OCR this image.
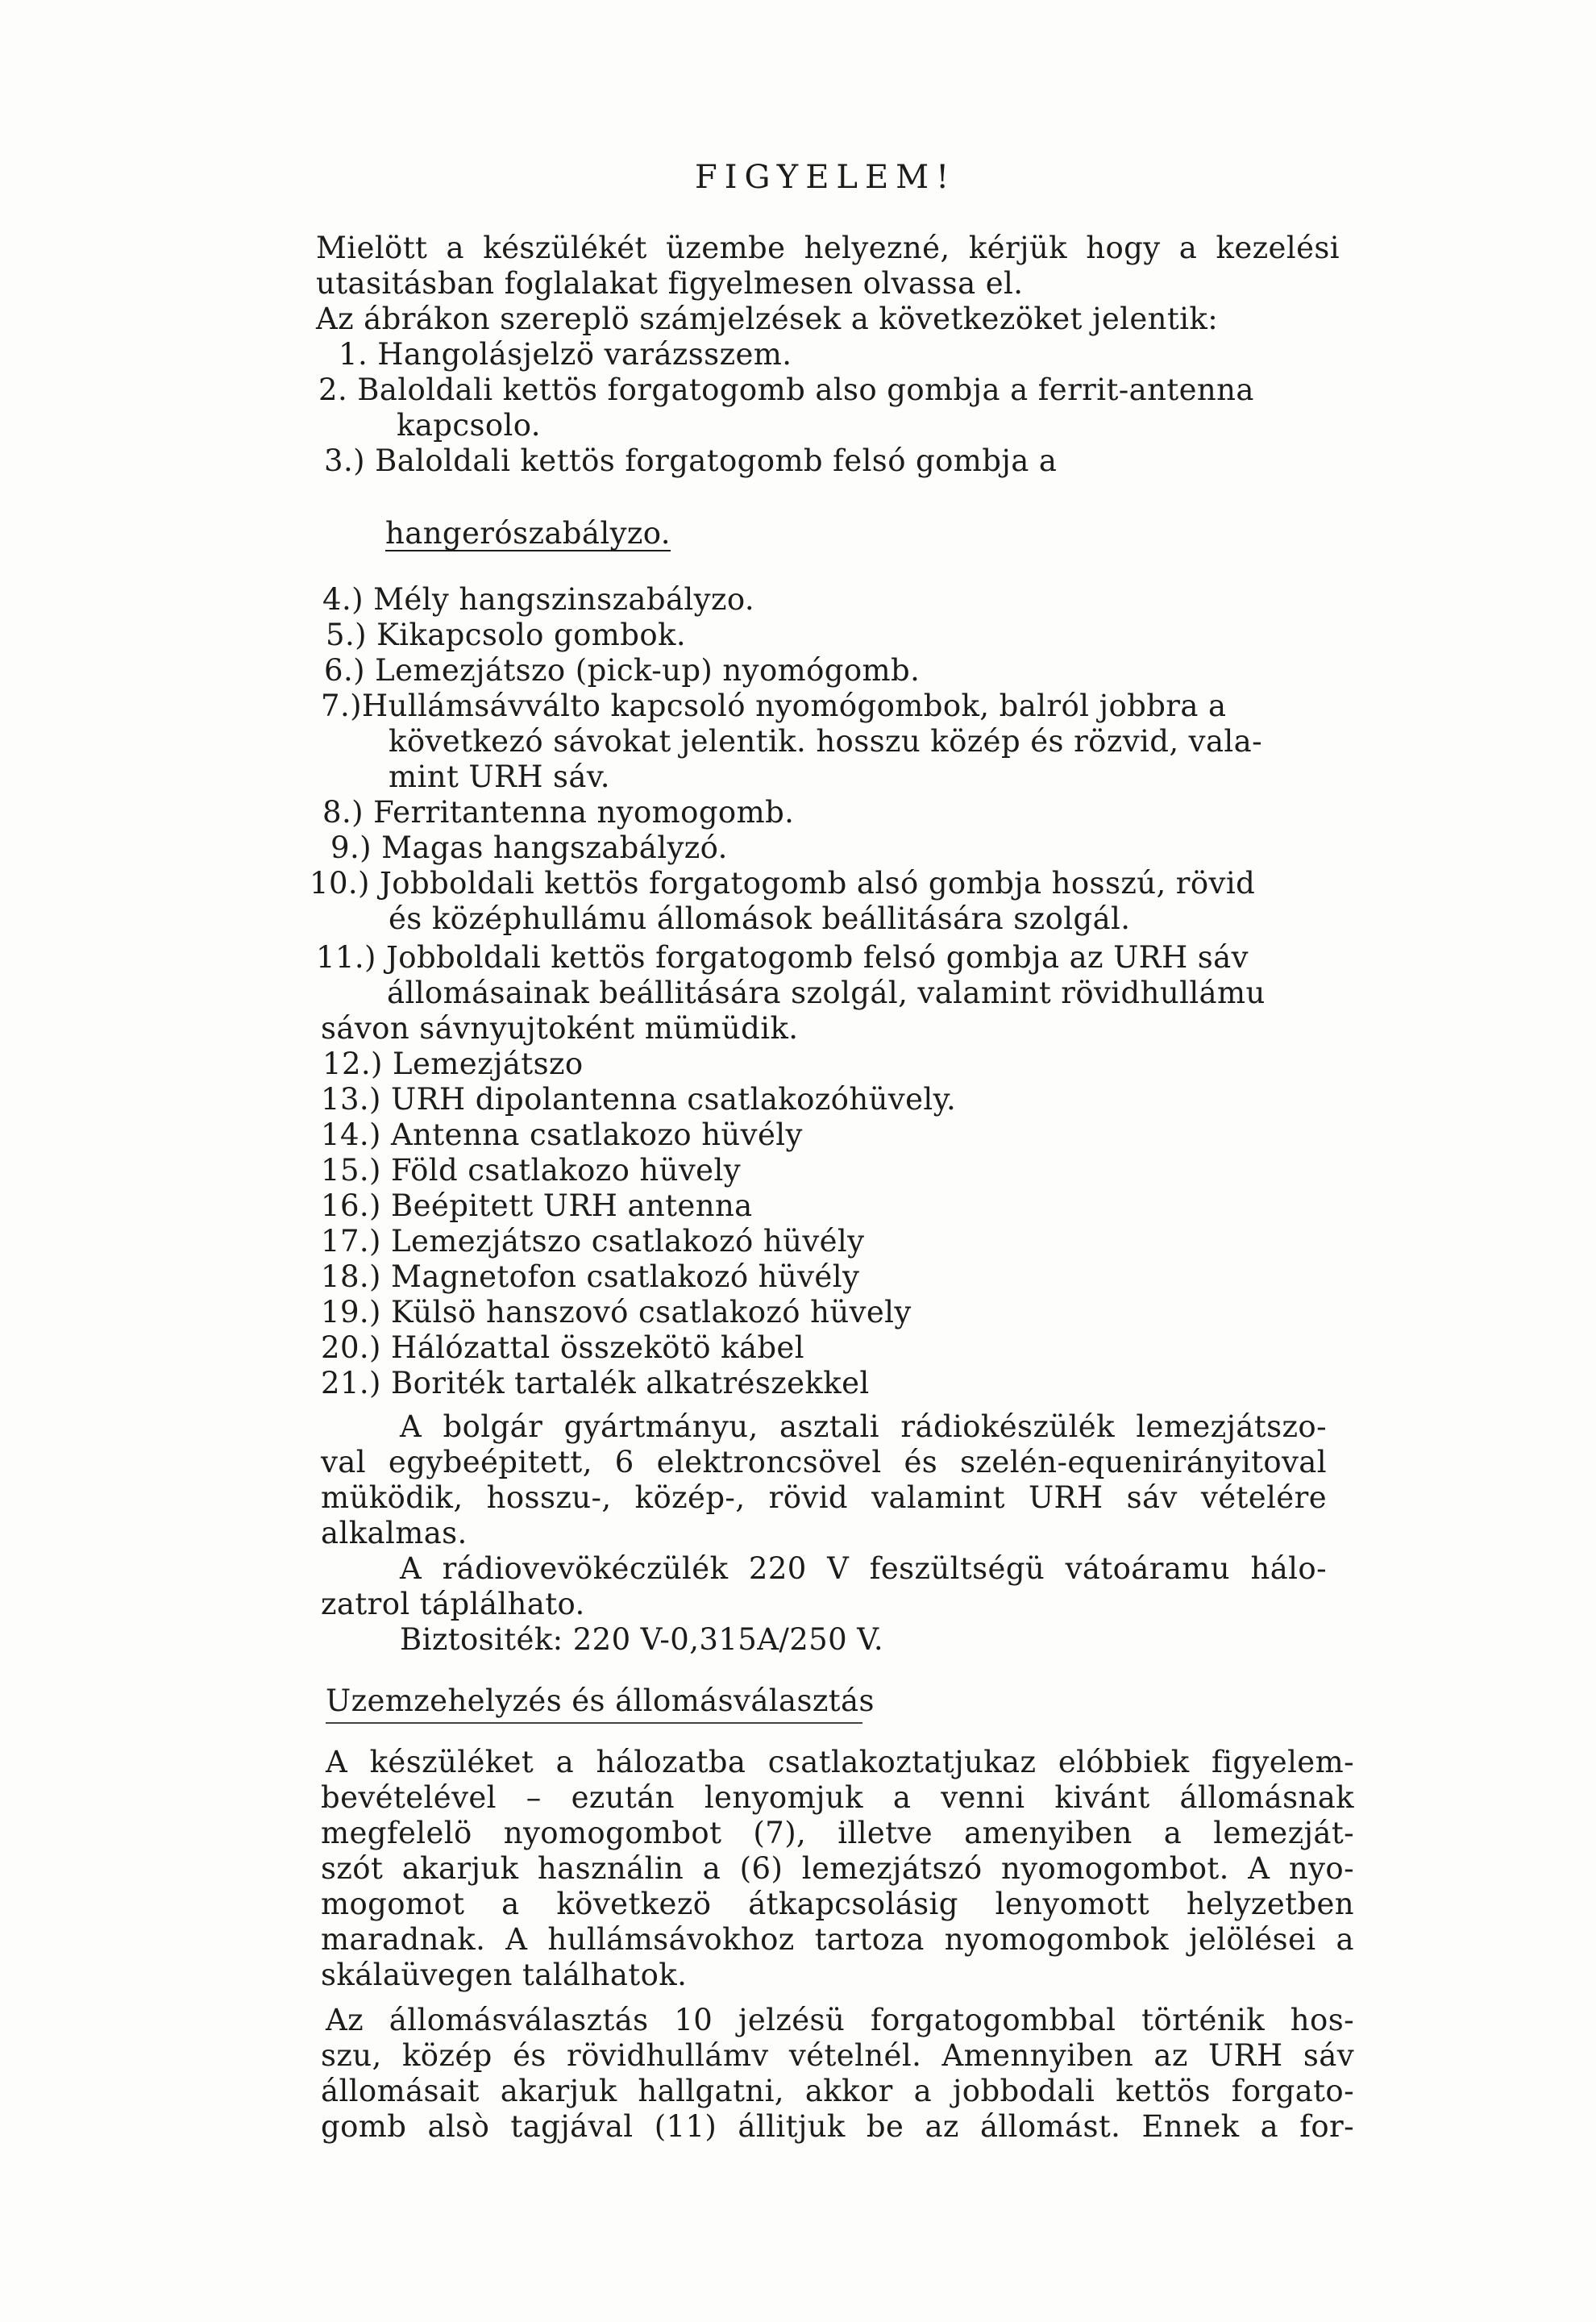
FIGYELEM!
Mielött a készülékét üzembe helyezné, kérjük hogy a kezelési
utasitásban foglalakat figyelmesen olvassa el.
Az ábrákon szereplö számjelzések a következöket jelentik:
1. Hangolásjelzö varázsszem.
2. Baloldali kettös forgatogomb also gombja a ferrit-antenna
kapcsolo.
3.) Baloldali kettös forgatogomb felsó gombja a
hangerószabályzo.
4.) Mély hangszinszabályzo.
5.) Kikapcsolo gombok.
6.) Lemezjátszo (pick-up) nyomógomb.
7.)Hullámsávváltо kapcsoló nyomógombok, balról jobbra a
következó sávokat jelentik. hosszu közép és rözvid, vala-
mint URH sáv.
8.) Ferritantenna nyomogomb.
9.) Magas hangszabályzó.
10.) Jobboldali kettös forgatogomb alsó gombja hosszú, rövid
és középhullámu állomások beállitására szolgál.
11.) Jobboldali kettös forgatogomb felsó gombja az URH sáv
állomásainak beállitására szolgál, valamint rövidhullámu
sávon sávnyujtoként mümüdik.
12.) Lemezjátszo
13.) URH dipolantenna csatlakozóhüvely.
14.) Antenna csatlakozo hüvély
15.) Föld csatlakozo hüvely
16.) Beépitett URH antenna
17.) Lemezjátszo csatlakozó hüvély
18.) Magnetofon csatlakozó hüvély
19.) Külsö hanszovó csatlakozó hüvely
20.) Hálózattal összekötö kábel
21.) Boriték tartalék alkatrészekkel
A bolgár gyártmányu, asztali rádiokészülék lemezjátszo-
val egybeépitett, 6 elektroncsövel és szelén-equenirányitoval
müködik, hosszu-, közép-, rövid valamint URH sáv vételére
alkalmas.
A rádiovevökéczülék 220 V feszültségü vátoáramu hálo-
zatrol táplálhato.
Biztositék: 220 V-0,315A/250 V.
Uzemzehelyzés és állomásválasztás
A készüléket a hálozatba csatlakoztatjukaz elóbbiek figyelem-
bevételével – ezután lenyomjuk a venni kivánt állomásnak
megfelelö nyomogombot (7), illetve amenyiben a lemezját-
szót akarjuk használin a (6) lemezjátszó nyomogombot. A nyo-
mogomot a következö átkapcsolásig lenyomott helyzetben
maradnak. A hullámsávokhoz tartoza nyomogombok jelölései a
skálaüvegen találhatok.
Az állomásválasztás 10 jelzésü forgatogombbal történik hos-
szu, közép és rövidhullámv vételnél. Amennyiben az URH sáv
állomásait akarjuk hallgatni, akkor a jobbodali kettös forgato-
gomb alsò tagjával (11) állitjuk be az állomást. Ennek a for-
